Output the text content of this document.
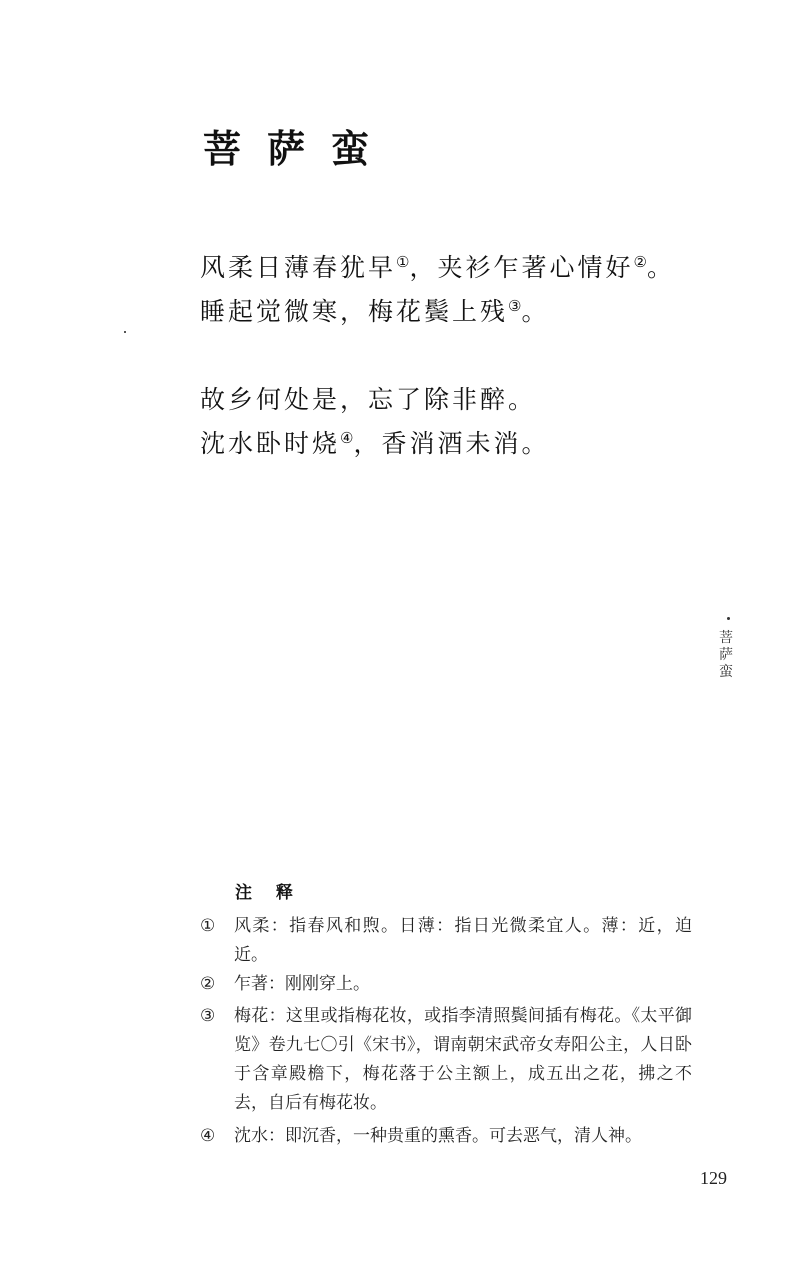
菩萨蛮
风柔日薄春犹早①，夹衫乍著心情好②。
睡起觉微寒，梅花鬓上残③。
故乡何处是，忘了除非醉。
沈水卧时烧④，香消酒未消。
菩萨蛮
注 释
①	风柔：指春风和煦。日薄：指日光微柔宜人。薄：近，迫近。
②	乍著：刚刚穿上。
③	梅花：这里或指梅花妆，或指李清照鬓间插有梅花。《太平御览》卷九七〇引《宋书》，谓南朝宋武帝女寿阳公主，人日卧于含章殿檐下，梅花落于公主额上，成五出之花，拂之不去，自后有梅花妆。
④	沈水：即沉香，一种贵重的熏香。可去恶气，清人神。
129
